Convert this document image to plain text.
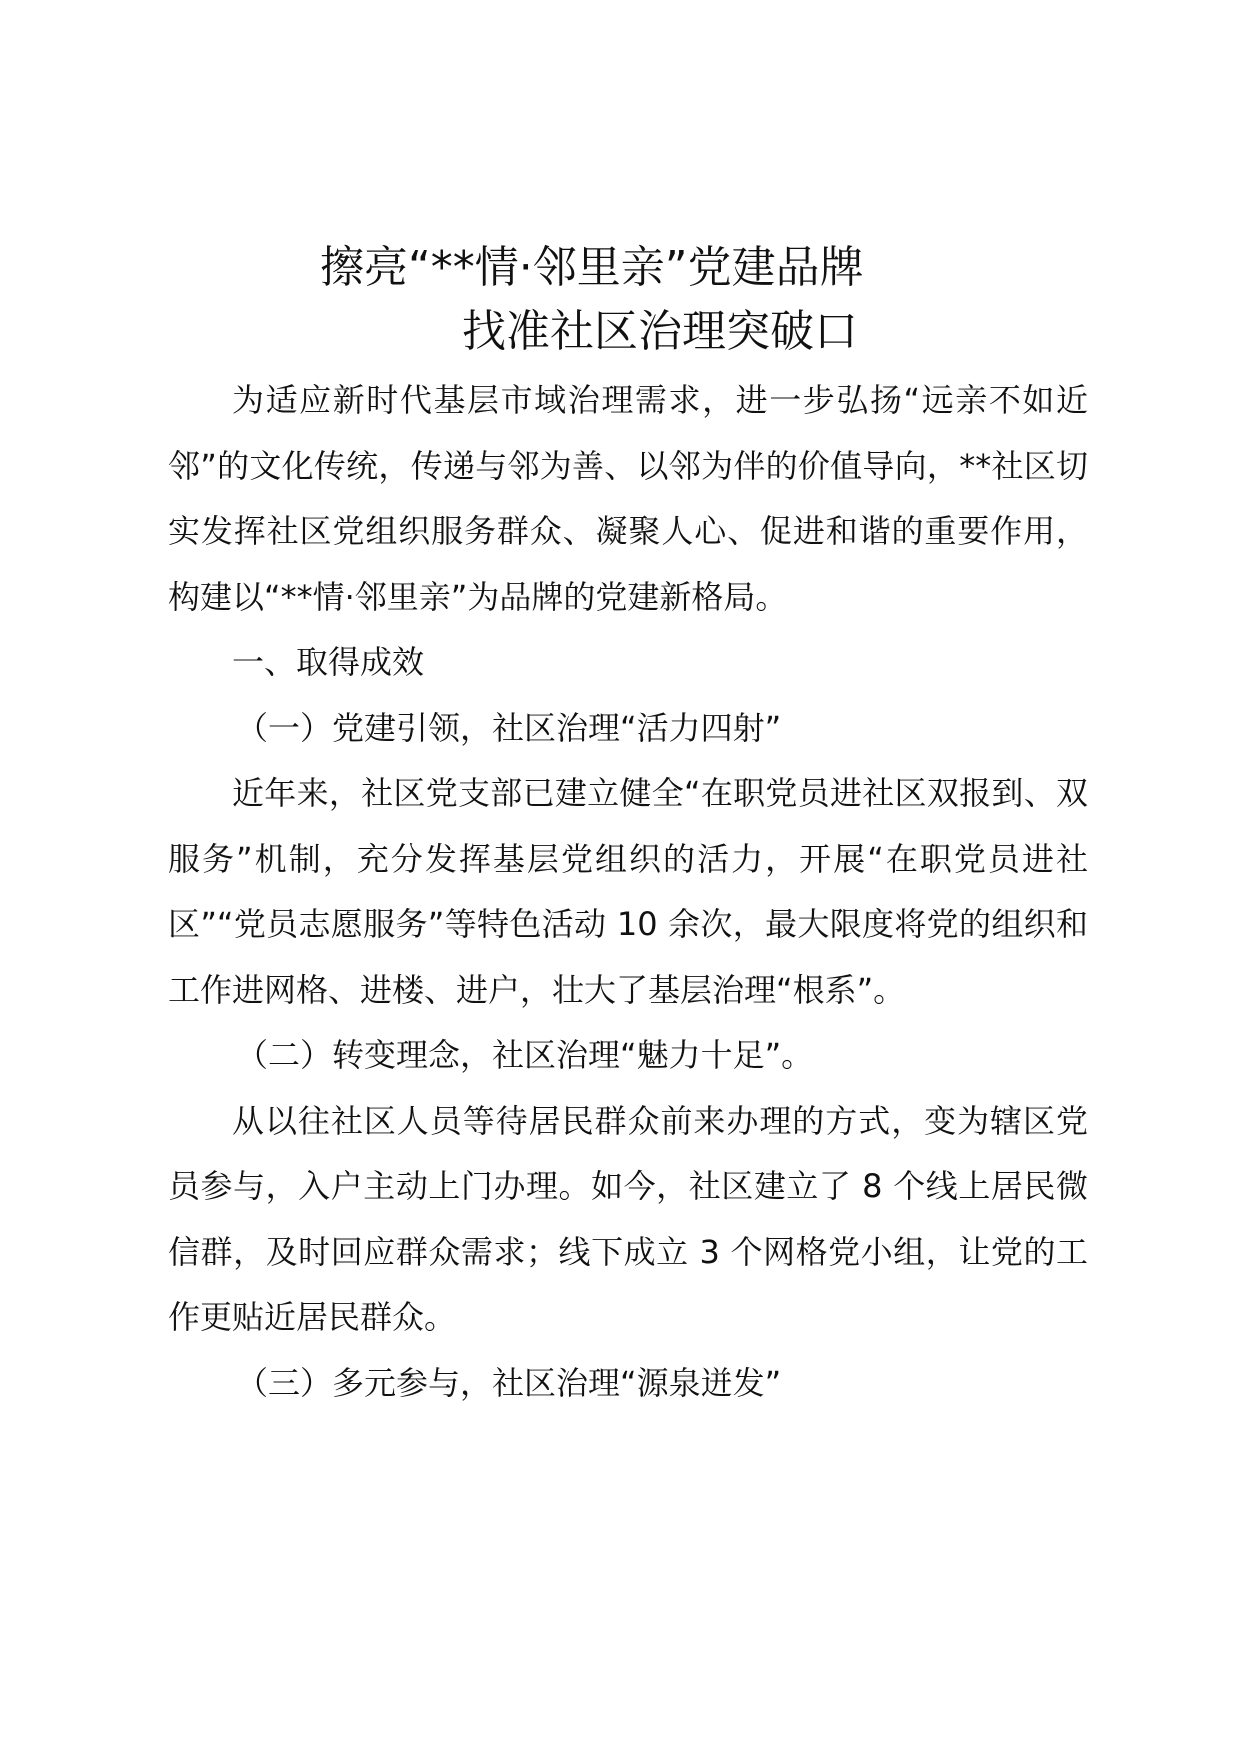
擦亮“**情·邻里亲”党建品牌
找准社区治理突破口

为适应新时代基层市域治理需求，进一步弘扬“远亲不如近邻”的文化传统，传递与邻为善、以邻为伴的价值导向，**社区切实发挥社区党组织服务群众、凝聚人心、促进和谐的重要作用，构建以“**情·邻里亲”为品牌的党建新格局。

一、取得成效

（一）党建引领，社区治理“活力四射”

近年来，社区党支部已建立健全“在职党员进社区双报到、双服务”机制，充分发挥基层党组织的活力，开展“在职党员进社区”“党员志愿服务”等特色活动 10 余次，最大限度将党的组织和工作进网格、进楼、进户，壮大了基层治理“根系”。

（二）转变理念，社区治理“魅力十足”。

从以往社区人员等待居民群众前来办理的方式，变为辖区党员参与，入户主动上门办理。如今，社区建立了 8 个线上居民微信群，及时回应群众需求；线下成立 3 个网格党小组，让党的工作更贴近居民群众。

（三）多元参与，社区治理“源泉迸发”
